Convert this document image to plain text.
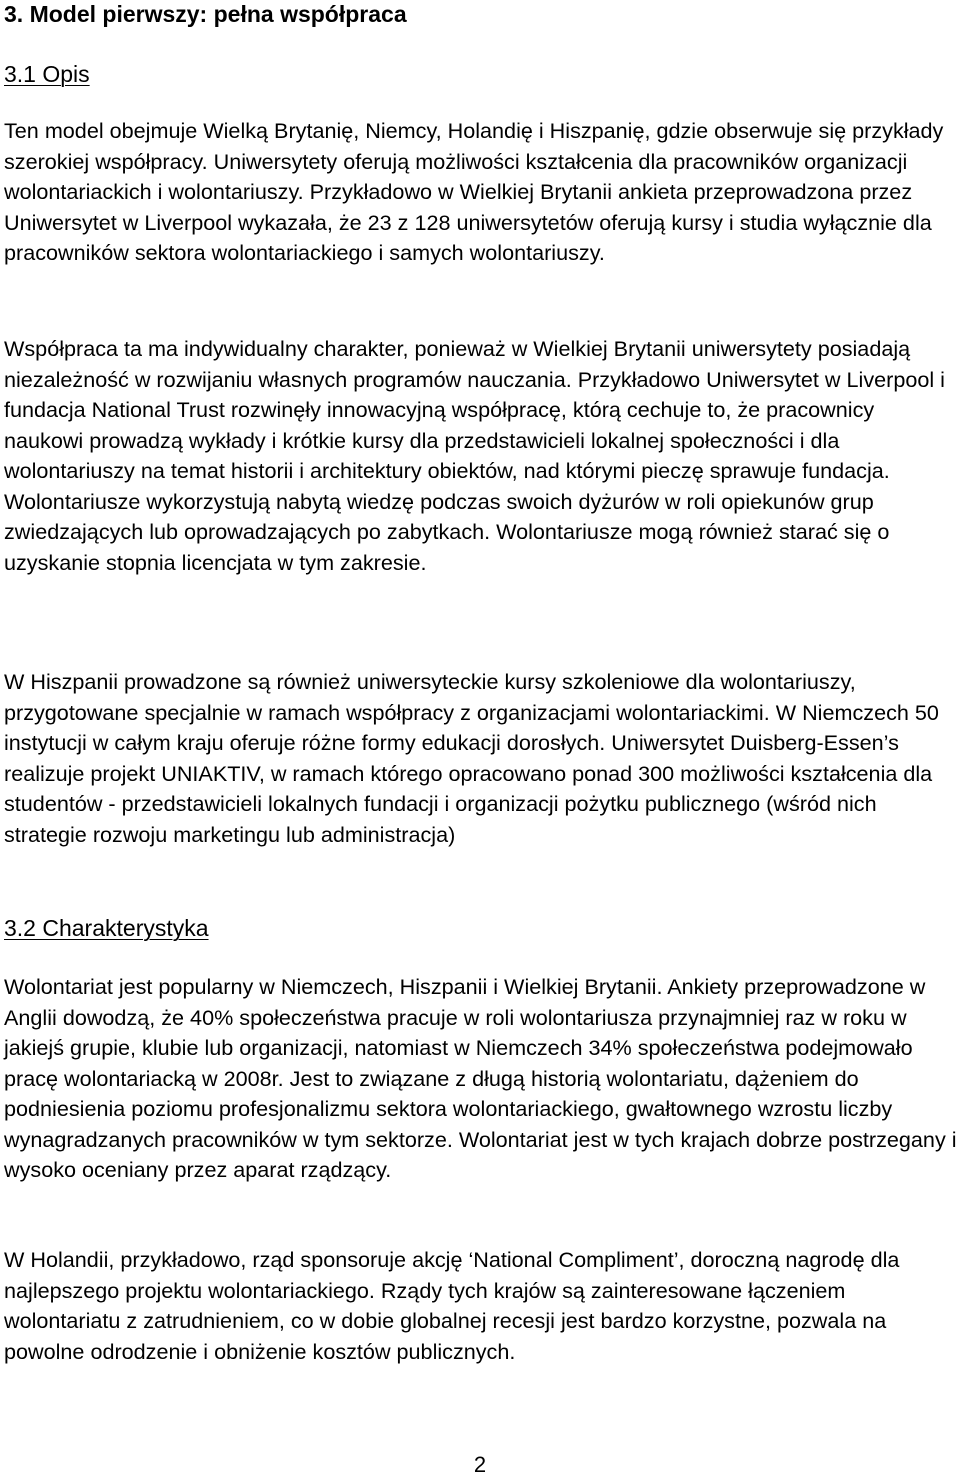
3. Model pierwszy: pełna współpraca
3.1 Opis

Ten model obejmuje Wielką Brytanię, Niemcy, Holandię i Hiszpanię, gdzie obserwuje się przykłady szerokiej współpracy. Uniwersytety oferują możliwości kształcenia dla pracowników organizacji wolontariackich i wolontariuszy. Przykładowo w Wielkiej Brytanii ankieta przeprowadzona przez Uniwersytet w Liverpool wykazała, że 23 z 128 uniwersytetów oferują kursy i studia wyłącznie dla pracowników sektora wolontariackiego i samych wolontariuszy.

Współpraca ta ma indywidualny charakter, ponieważ w Wielkiej Brytanii uniwersytety posiadają niezależność w rozwijaniu własnych programów nauczania. Przykładowo Uniwersytet w Liverpool i fundacja National Trust rozwinęły innowacyjną współpracę, którą cechuje to, że pracownicy naukowi prowadzą wykłady i krótkie kursy dla przedstawicieli lokalnej społeczności i dla wolontariuszy na temat historii i architektury obiektów, nad którymi pieczę sprawuje fundacja. Wolontariusze wykorzystują nabytą wiedzę podczas swoich dyżurów w roli opiekunów grup zwiedzających lub oprowadzających po zabytkach. Wolontariusze mogą również starać się o uzyskanie stopnia licencjata w tym zakresie.

W Hiszpanii prowadzone są również uniwersyteckie kursy szkoleniowe dla wolontariuszy, przygotowane specjalnie w ramach współpracy z organizacjami wolontariackimi. W Niemczech 50 instytucji w całym kraju oferuje różne formy edukacji dorosłych. Uniwersytet Duisberg-Essen’s realizuje projekt UNIAKTIV, w ramach którego opracowano ponad 300 możliwości kształcenia dla studentów - przedstawicieli lokalnych fundacji i organizacji pożytku publicznego (wśród nich strategie rozwoju marketingu lub administracja)

3.2 Charakterystyka

Wolontariat jest popularny w Niemczech, Hiszpanii i Wielkiej Brytanii. Ankiety przeprowadzone w Anglii dowodzą, że 40% społeczeństwa pracuje w roli wolontariusza przynajmniej raz w roku w jakiejś grupie, klubie lub organizacji, natomiast w Niemczech 34% społeczeństwa podejmowało pracę wolontariacką w 2008r. Jest to związane z długą historią wolontariatu, dążeniem do podniesienia poziomu profesjonalizmu sektora wolontariackiego, gwałtownego wzrostu liczby wynagradzanych pracowników w tym sektorze. Wolontariat jest w tych krajach dobrze postrzegany i wysoko oceniany przez aparat rządzący.

W Holandii, przykładowo, rząd sponsoruje akcję ‘National Compliment’, doroczną nagrodę dla najlepszego projektu wolontariackiego. Rządy tych krajów są zainteresowane łączeniem wolontariatu z zatrudnieniem, co w dobie globalnej recesji jest bardzo korzystne, pozwala na powolne odrodzenie i obniżenie kosztów publicznych.

2
